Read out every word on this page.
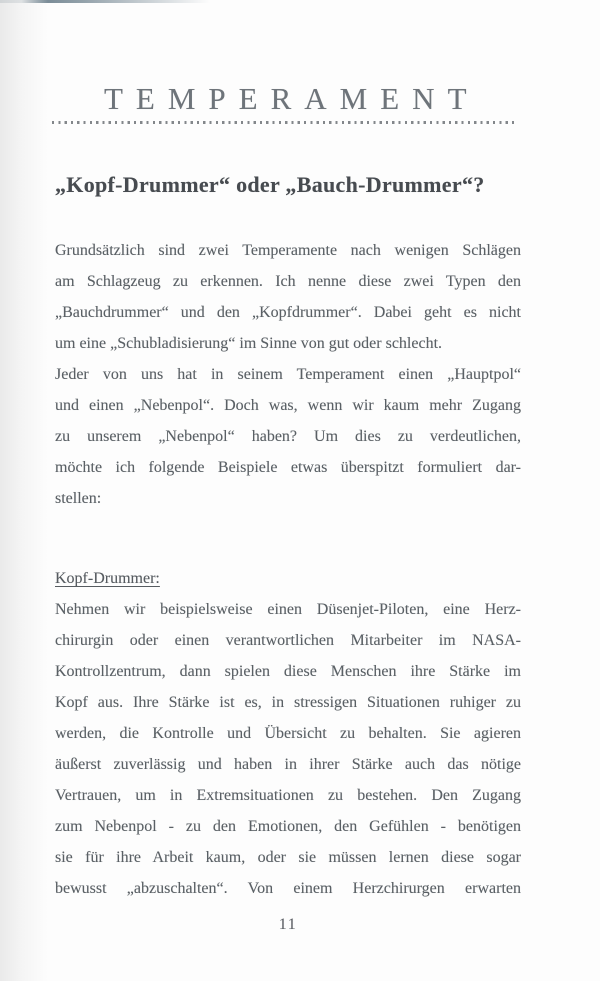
TEMPERAMENT
„Kopf-Drummer“ oder „Bauch-Drummer“?
Grundsätzlich sind zwei Temperamente nach wenigen Schlägen
am Schlagzeug zu erkennen. Ich nenne diese zwei Typen den
„Bauchdrummer“ und den „Kopfdrummer“. Dabei geht es nicht
um eine „Schubladisierung“ im Sinne von gut oder schlecht.
Jeder von uns hat in seinem Temperament einen „Hauptpol“
und einen „Nebenpol“. Doch was, wenn wir kaum mehr Zugang
zu unserem „Nebenpol“ haben? Um dies zu verdeutlichen,
möchte ich folgende Beispiele etwas überspitzt formuliert dar-
stellen:
Kopf-Drummer:
Nehmen wir beispielsweise einen Düsenjet-Piloten, eine Herz-
chirurgin oder einen verantwortlichen Mitarbeiter im NASA-
Kontrollzentrum, dann spielen diese Menschen ihre Stärke im
Kopf aus. Ihre Stärke ist es, in stressigen Situationen ruhiger zu
werden, die Kontrolle und Übersicht zu behalten. Sie agieren
äußerst zuverlässig und haben in ihrer Stärke auch das nötige
Vertrauen, um in Extremsituationen zu bestehen. Den Zugang
zum Nebenpol - zu den Emotionen, den Gefühlen - benötigen
sie für ihre Arbeit kaum, oder sie müssen lernen diese sogar
bewusst „abzuschalten“. Von einem Herzchirurgen erwarten
11
